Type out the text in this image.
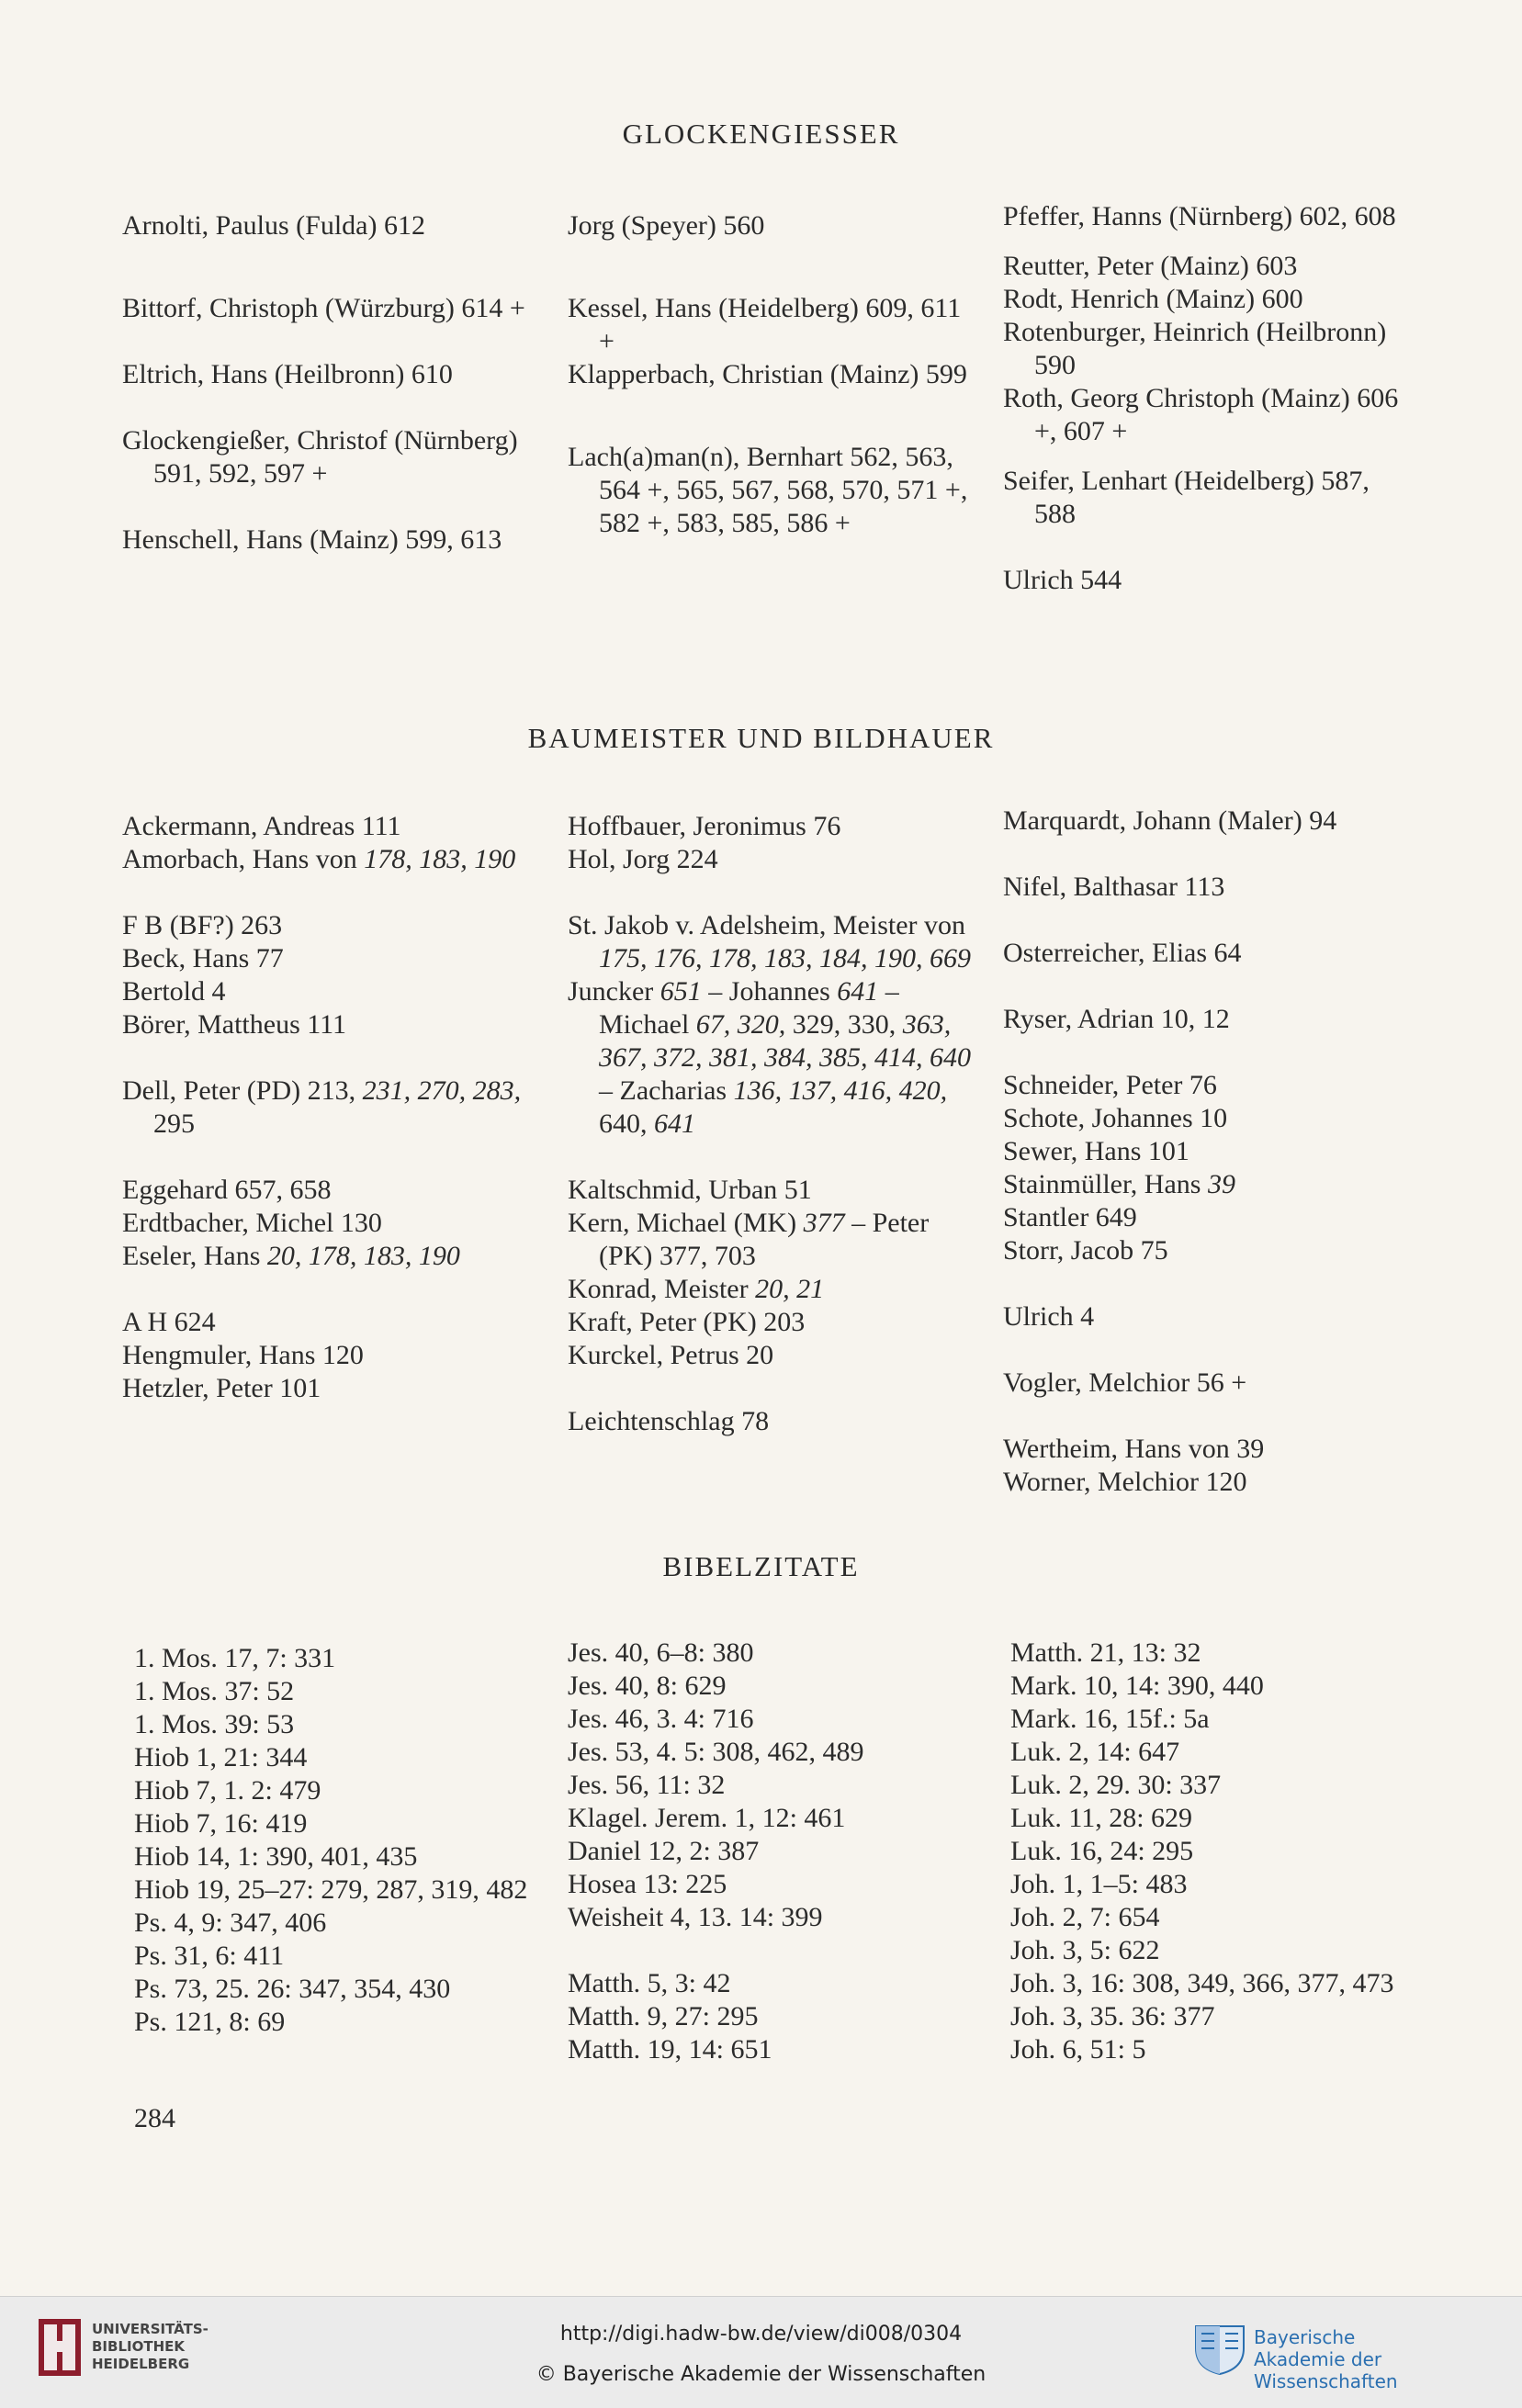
GLOCKENGIESSER
Arnolti, Paulus (Fulda) 612
Bittorf, Christoph (Würzburg) 614 +
Eltrich, Hans (Heilbronn) 610
Glockengießer, Christof (Nürnberg) 591, 592, 597 +
Henschell, Hans (Mainz) 599, 613
Jorg (Speyer) 560
Kessel, Hans (Heidelberg) 609, 611 +
Klapperbach, Christian (Mainz) 599
Lach(a)man(n), Bernhart 562, 563, 564 +, 565, 567, 568, 570, 571 +, 582 +, 583, 585, 586 +
Pfeffer, Hanns (Nürnberg) 602, 608
Reutter, Peter (Mainz) 603
Rodt, Henrich (Mainz) 600
Rotenburger, Heinrich (Heilbronn) 590
Roth, Georg Christoph (Mainz) 606 +, 607 +
Seifer, Lenhart (Heidelberg) 587, 588
Ulrich 544
BAUMEISTER UND BILDHAUER
Ackermann, Andreas 111
Amorbach, Hans von 178, 183, 190
F B (BF?) 263
Beck, Hans 77
Bertold 4
Börer, Mattheus 111
Dell, Peter (PD) 213, 231, 270, 283, 295
Eggehard 657, 658
Erdtbacher, Michel 130
Eseler, Hans 20, 178, 183, 190
A H 624
Hengmuler, Hans 120
Hetzler, Peter 101
Hoffbauer, Jeronimus 76
Hol, Jorg 224
St. Jakob v. Adelsheim, Meister von 175, 176, 178, 183, 184, 190, 669
Juncker 651 – Johannes 641 – Michael 67, 320, 329, 330, 363, 367, 372, 381, 384, 385, 414, 640 – Zacharias 136, 137, 416, 420, 640, 641
Kaltschmid, Urban 51
Kern, Michael (MK) 377 – Peter (PK) 377, 703
Konrad, Meister 20, 21
Kraft, Peter (PK) 203
Kurckel, Petrus 20
Leichtenschlag 78
Marquardt, Johann (Maler) 94
Nifel, Balthasar 113
Osterreicher, Elias 64
Ryser, Adrian 10, 12
Schneider, Peter 76
Schote, Johannes 10
Sewer, Hans 101
Stainmüller, Hans 39
Stantler 649
Storr, Jacob 75
Ulrich 4
Vogler, Melchior 56 +
Wertheim, Hans von 39
Worner, Melchior 120
BIBELZITATE
1. Mos. 17, 7: 331
1. Mos. 37: 52
1. Mos. 39: 53
Hiob 1, 21: 344
Hiob 7, 1. 2: 479
Hiob 7, 16: 419
Hiob 14, 1: 390, 401, 435
Hiob 19, 25–27: 279, 287, 319, 482
Ps. 4, 9: 347, 406
Ps. 31, 6: 411
Ps. 73, 25. 26: 347, 354, 430
Ps. 121, 8: 69
Jes. 40, 6–8: 380
Jes. 40, 8: 629
Jes. 46, 3. 4: 716
Jes. 53, 4. 5: 308, 462, 489
Jes. 56, 11: 32
Klagel. Jerem. 1, 12: 461
Daniel 12, 2: 387
Hosea 13: 225
Weisheit 4, 13. 14: 399
Matth. 5, 3: 42
Matth. 9, 27: 295
Matth. 19, 14: 651
Matth. 21, 13: 32
Mark. 10, 14: 390, 440
Mark. 16, 15f.: 5a
Luk. 2, 14: 647
Luk. 2, 29. 30: 337
Luk. 11, 28: 629
Luk. 16, 24: 295
Joh. 1, 1–5: 483
Joh. 2, 7: 654
Joh. 3, 5: 622
Joh. 3, 16: 308, 349, 366, 377, 473
Joh. 3, 35. 36: 377
Joh. 6, 51: 5
284
UNIVERSITÄTS-
BIBLIOTHEK
HEIDELBERG
http://digi.hadw-bw.de/view/di008/0304
© Bayerische Akademie der Wissenschaften
Bayerische
Akademie der Wissenschaften
